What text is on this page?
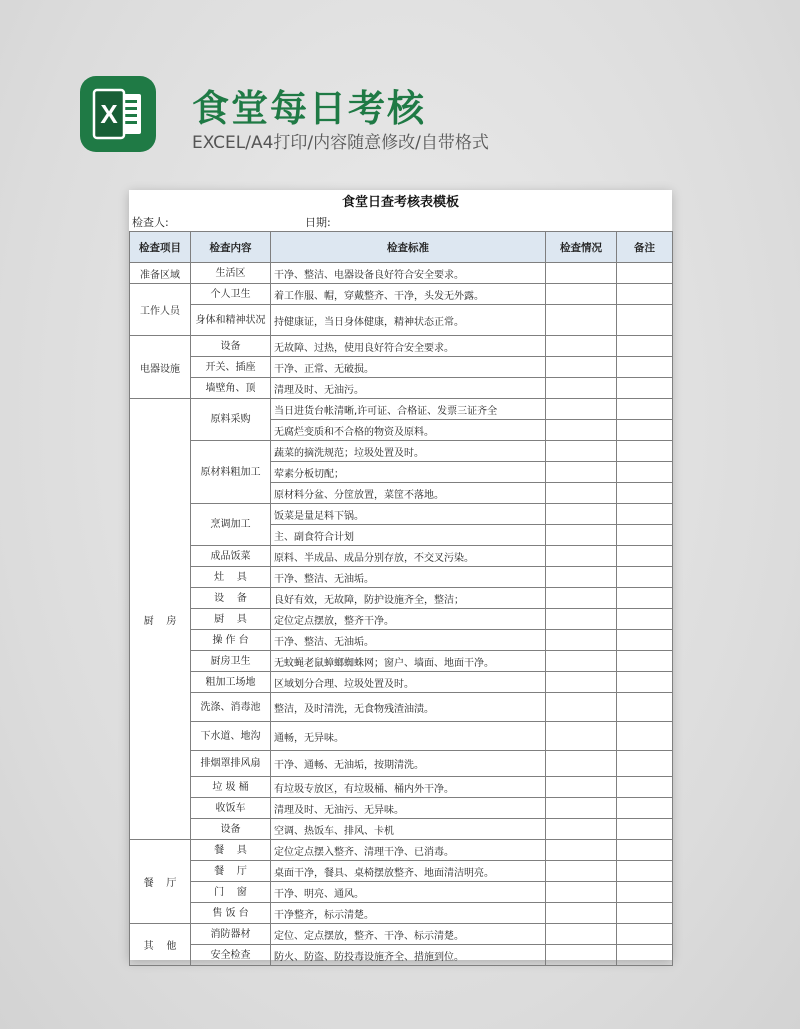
X 食堂每日考核
EXCEL/A4打印/内容随意修改/自带格式
食堂日查考核表模板
检查人:	日期:
检查项目	检查内容	检查标准	检查情况	备注
准备区域	生活区	干净、整洁、电器设备良好符合安全要求。		
工作人员	个人卫生	着工作服、帽，穿戴整齐、干净，头发无外露。		
	身体和精神状况	持健康证，当日身体健康，精神状态正常。		
电器设施	设备	无故障、过热，使用良好符合安全要求。		
	开关、插座	干净、正常、无破损。		
	墙壁角、顶	清理及时、无油污。		
厨    房	原料采购	当日进货台帐清晰,许可证、合格证、发票三证齐全		
		无腐烂变质和不合格的物资及原料。		
	原材料粗加工	蔬菜的摘洗规范；垃圾处置及时。		
		荤素分板切配；		
		原材料分盆、分筐放置，菜筐不落地。		
	烹调加工	饭菜是量足料下锅。		
		主、副食符合计划		
	成品饭菜	原料、半成品、成品分别存放，不交叉污染。		
	灶    具	干净、整洁、无油垢。		
	设    备	良好有效，无故障，防护设施齐全，整洁；		
	厨    具	定位定点摆放，整齐干净。		
	操 作 台	干净、整洁、无油垢。		
	厨房卫生	无蚊蝇老鼠蟑螂蜘蛛网；窗户、墙面、地面干净。		
	粗加工场地	区域划分合理、垃圾处置及时。		
	洗涤、消毒池	整洁，及时清洗，无食物残渣油渍。		
	下水道、地沟	通畅，无异味。		
	排烟罩排风扇	干净、通畅、无油垢，按期清洗。		
	垃 圾 桶	有垃圾专放区，有垃圾桶、桶内外干净。		
	收饭车	清理及时、无油污、无异味。		
	设备	空调、热饭车、排风、卡机		
餐    厅	餐    具	定位定点摆入整齐、清理干净、已消毒。		
	餐    厅	桌面干净，餐具、桌椅摆放整齐、地面清洁明亮。		
	门    窗	干净、明亮、通风。		
	售 饭 台	干净整齐，标示清楚。		
其    他	消防器材	定位、定点摆放，整齐、干净、标示清楚。		
	安全检查	防火、防盗、防投毒设施齐全、措施到位。		
